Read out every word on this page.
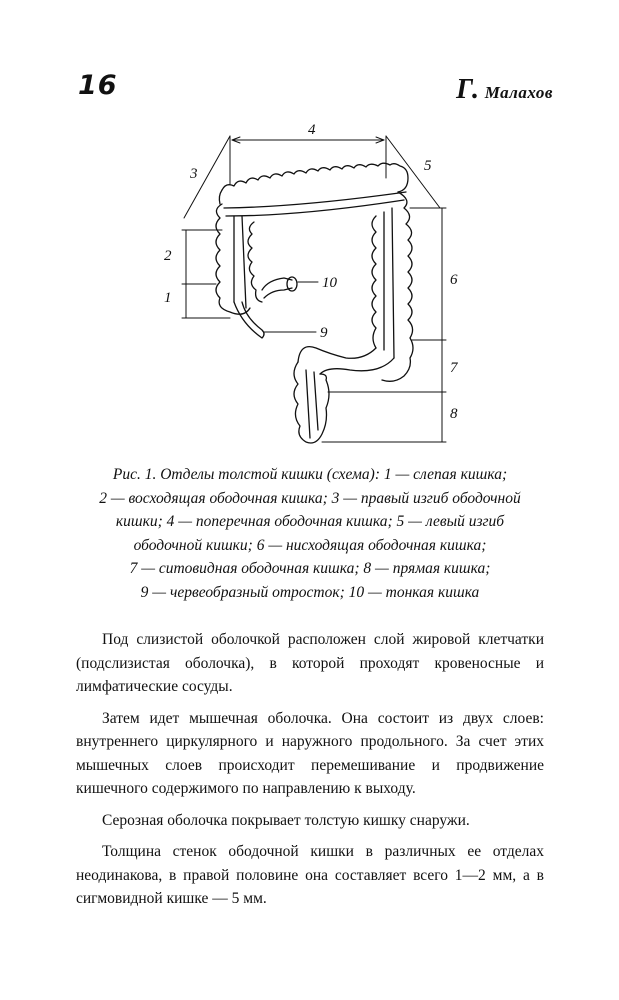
16	Г. Малахов
4
3	5
2
1
10
9
6
7
8
Рис. 1. Отделы толстой кишки (схема): 1 — слепая кишка;
2 — восходящая ободочная кишка; 3 — правый изгиб ободочной
кишки; 4 — поперечная ободочная кишка; 5 — левый изгиб
ободочной кишки; 6 — нисходящая ободочная кишка;
7 — ситовидная ободочная кишка; 8 — прямая кишка;
9 — червеобразный отросток; 10 — тонкая кишка

Под слизистой оболочкой расположен слой жировой клетчатки (подслизистая оболочка), в которой проходят кровеносные и лимфатические сосуды.

Затем идет мышечная оболочка. Она состоит из двух слоев: внутреннего циркулярного и наружного продольного. За счет этих мышечных слоев происходит перемешивание и продвижение кишечного содержимого по направлению к выходу.

Серозная оболочка покрывает толстую кишку снаружи.

Толщина стенок ободочной кишки в различных ее отделах неодинакова, в правой половине она составляет всего 1—2 мм, а в сигмовидной кишке — 5 мм.
